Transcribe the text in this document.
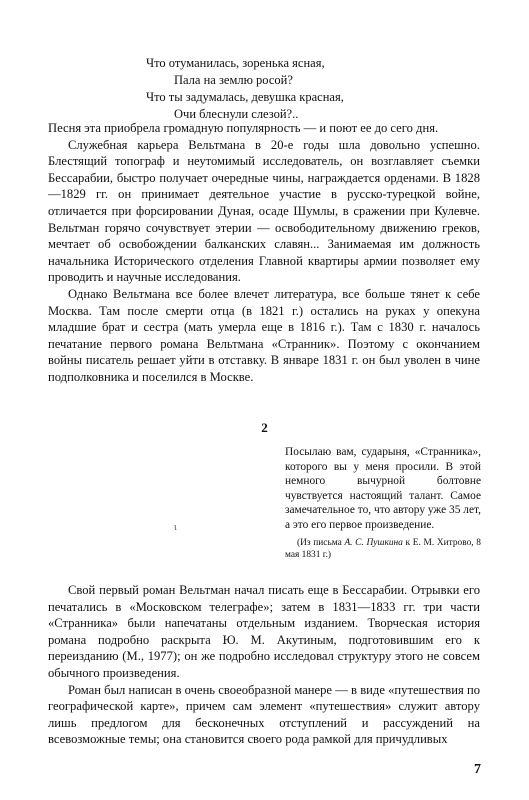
Что отуманилась, зоренька ясная,
Пала на землю росой?
Что ты задумалась, девушка красная,
Очи блеснули слезой?..

Песня эта приобрела громадную популярность — и поют ее до сего дня.

Служебная карьера Вельтмана в 20-е годы шла довольно успешно. Блестящий топограф и неутомимый исследователь, он возглавляет съемки Бессарабии, быстро получает очередные чины, награждается орденами. В 1828—1829 гг. он принимает деятельное участие в русско-турецкой войне, отличается при форсировании Дуная, осаде Шумлы, в сражении при Кулевче. Вельтман горячо сочувствует этерии — освободительному движению греков, мечтает об освобождении балканских славян... Занимаемая им должность начальника Исторического отделения Главной квартиры армии позволяет ему проводить и научные исследования.

Однако Вельтмана все более влечет литература, все больше тянет к себе Москва. Там после смерти отца (в 1821 г.) остались на руках у опекуна младшие брат и сестра (мать умерла еще в 1816 г.). Там с 1830 г. началось печатание первого романа Вельтмана «Странник». Поэтому с окончанием войны писатель решает уйти в отставку. В январе 1831 г. он был уволен в чине подполковника и поселился в Москве.

2
Посылаю вам, сударыня, «Странника», которого вы у меня просили. В этой немного вычурной болтовне чувствуется настоящий талант. Самое замечательное то, что автору уже 35 лет, а это его первое произведение.
(Из письма А. С. Пушкина к Е. М. Хитрово, 8 мая 1831 г.)
ι

Свой первый роман Вельтман начал писать еще в Бессарабии. Отрывки его печатались в «Московском телеграфе»; затем в 1831—1833 гг. три части «Странника» были напечатаны отдельным изданием. Творческая история романа подробно раскрыта Ю. М. Акутиным, подготовившим его к переизданию (М., 1977); он же подробно исследовал структуру этого не совсем обычного произведения.

Роман был написан в очень своеобразной манере — в виде «путешествия по географической карте», причем сам элемент «путешествия» служит автору лишь предлогом для бесконечных отступлений и рассуждений на всевозможные темы; она становится своего рода рамкой для причудливых

7
